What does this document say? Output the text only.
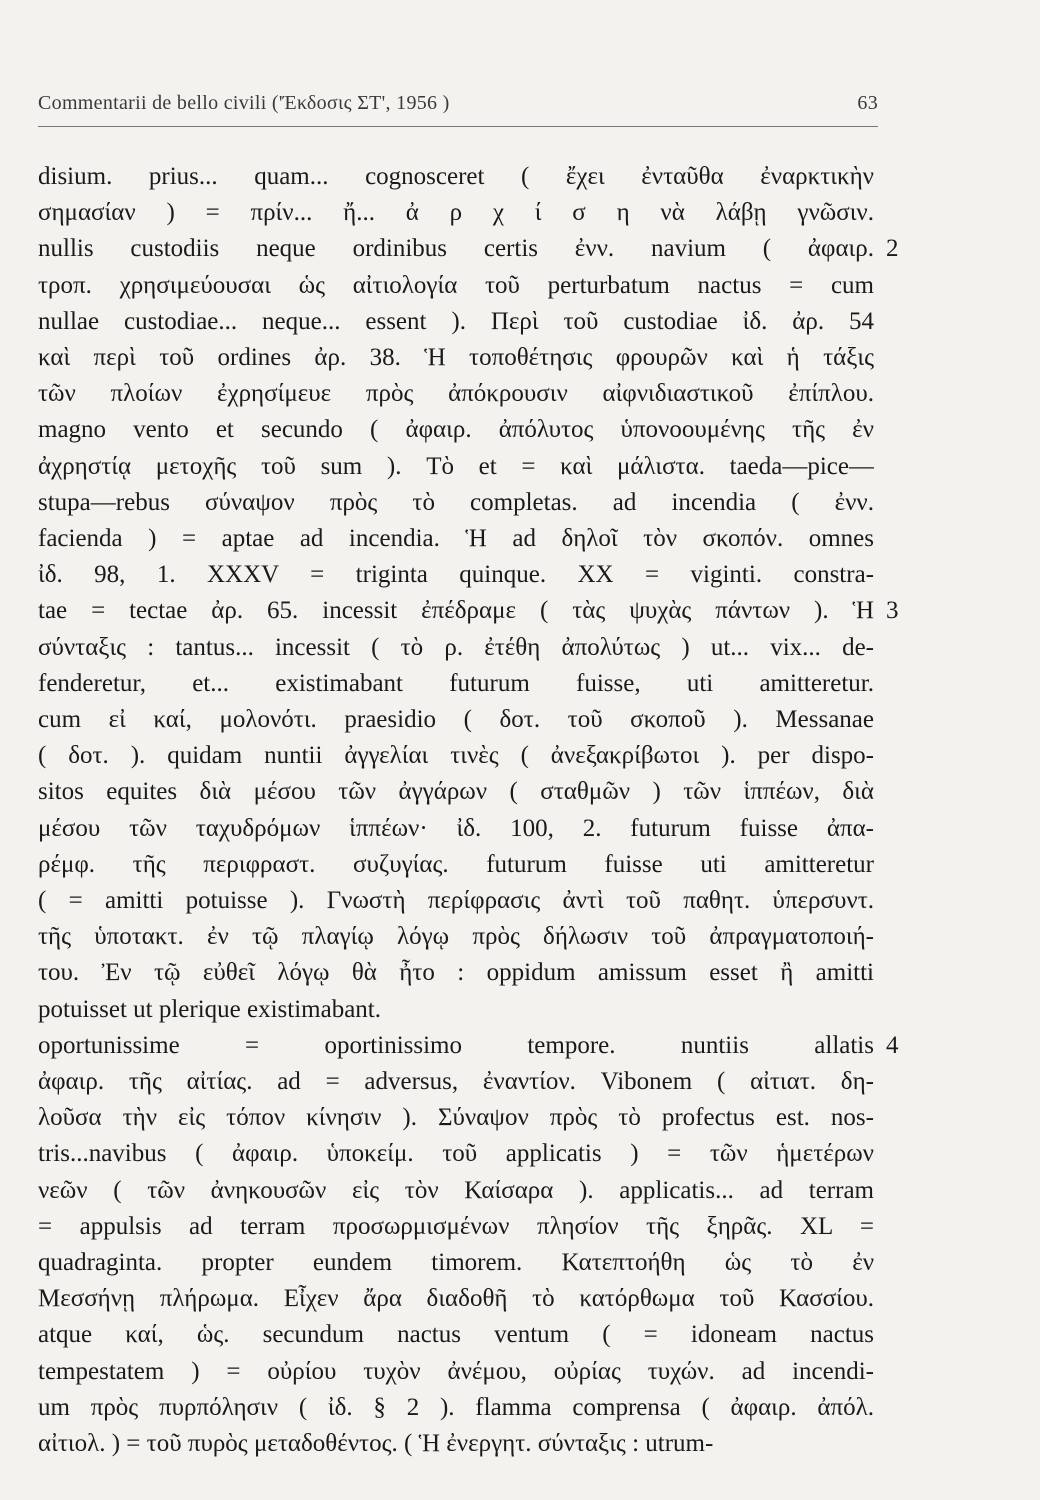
Commentarii de bello civili ('Έκδοσις ΣΤ', 1956 )	63
disium. prius... quam... cognosceret ( ἔχει ἐνταῦθα ἐναρκτικὴν
σημασίαν ) = πρίν... ἤ... ἀ ρ χ ί σ η νὰ λάβῃ γνῶσιν.
nullis custodiis neque ordinibus certis ἐνν. navium ( ἀφαιρ.
τροπ. χρησιμεύουσαι ὡς αἰτιολογία τοῦ perturbatum nactus = cum
nullae custodiae... neque... essent ). Περὶ τοῦ custodiae ἰδ. ἀρ. 54
καὶ περὶ τοῦ ordines ἀρ. 38. Ἡ τοποθέτησις φρουρῶν καὶ ἡ τάξις
τῶν πλοίων ἐχρησίμευε πρὸς ἀπόκρουσιν αἰφνιδιαστικοῦ ἐπίπλου.
magno vento et secundo ( ἀφαιρ. ἀπόλυτος ὑπονοουμένης τῆς ἐν
ἀχρηστίᾳ μετοχῆς τοῦ sum ). Τὸ et = καὶ μάλιστα. taeda—pice—
stupa—rebus σύναψον πρὸς τὸ completas. ad incendia ( ἐνν.
facienda ) = aptae ad incendia. Ἡ ad δηλοῖ τὸν σκοπόν. omnes
ἰδ. 98, 1. XXXV = triginta quinque. XX = viginti. constra-
tae = tectae ἀρ. 65. incessit ἐπέδραμε ( τὰς ψυχὰς πάντων ). Ἡ
σύνταξις : tantus... incessit ( τὸ ρ. ἐτέθη ἀπολύτως ) ut... vix... de-
fenderetur, et... existimabant futurum fuisse, uti amitteretur.
cum εἰ καί, μολονότι. praesidio ( δοτ. τοῦ σκοποῦ ). Messanae
( δοτ. ). quidam nuntii ἀγγελίαι τινὲς ( ἀνεξακρίβωτοι ). per dispo-
sitos equites διὰ μέσου τῶν ἀγγάρων ( σταθμῶν ) τῶν ἱππέων, διὰ
μέσου τῶν ταχυδρόμων ἱππέων· ἰδ. 100, 2. futurum fuisse ἀπα-
ρέμφ. τῆς περιφραστ. συζυγίας. futurum fuisse uti amitteretur
( = amitti potuisse ). Γνωστὴ περίφρασις ἀντὶ τοῦ παθητ. ὑπερσυντ.
τῆς ὑποτακτ. ἐν τῷ πλαγίῳ λόγῳ πρὸς δήλωσιν τοῦ ἀπραγματοποιή-
του. Ἐν τῷ εὐθεῖ λόγῳ θὰ ἦτο : oppidum amissum esset ἢ amitti
potuisset ut plerique existimabant.
oportunissime = oportinissimo tempore. nuntiis allatis
ἀφαιρ. τῆς αἰτίας. ad = adversus, ἐναντίον. Vibonem ( αἰτιατ. δη-
λοῦσα τὴν εἰς τόπον κίνησιν ). Σύναψον πρὸς τὸ profectus est. nos-
tris...navibus ( ἀφαιρ. ὑποκείμ. τοῦ applicatis ) = τῶν ἡμετέρων
νεῶν ( τῶν ἀνηκουσῶν εἰς τὸν Καίσαρα ). applicatis... ad terram
= appulsis ad terram προσωρμισμένων πλησίον τῆς ξηρᾶς. XL =
quadraginta. propter eundem timorem. Κατεπτοήθη ὡς τὸ ἐν
Μεσσήνῃ πλήρωμα. Εἶχεν ἄρα διαδοθῆ τὸ κατόρθωμα τοῦ Κασσίου.
atque καί, ὡς. secundum nactus ventum ( = idoneam nactus
tempestatem ) = οὐρίου τυχὸν ἀνέμου, οὐρίας τυχών. ad incendi-
um πρὸς πυρπόλησιν ( ἰδ. § 2 ). flamma comprensa ( ἀφαιρ. ἀπόλ.
αἰτιολ. ) = τοῦ πυρὸς μεταδοθέντος. ( Ἡ ἐνεργητ. σύνταξις : utrum-
2
3
4
